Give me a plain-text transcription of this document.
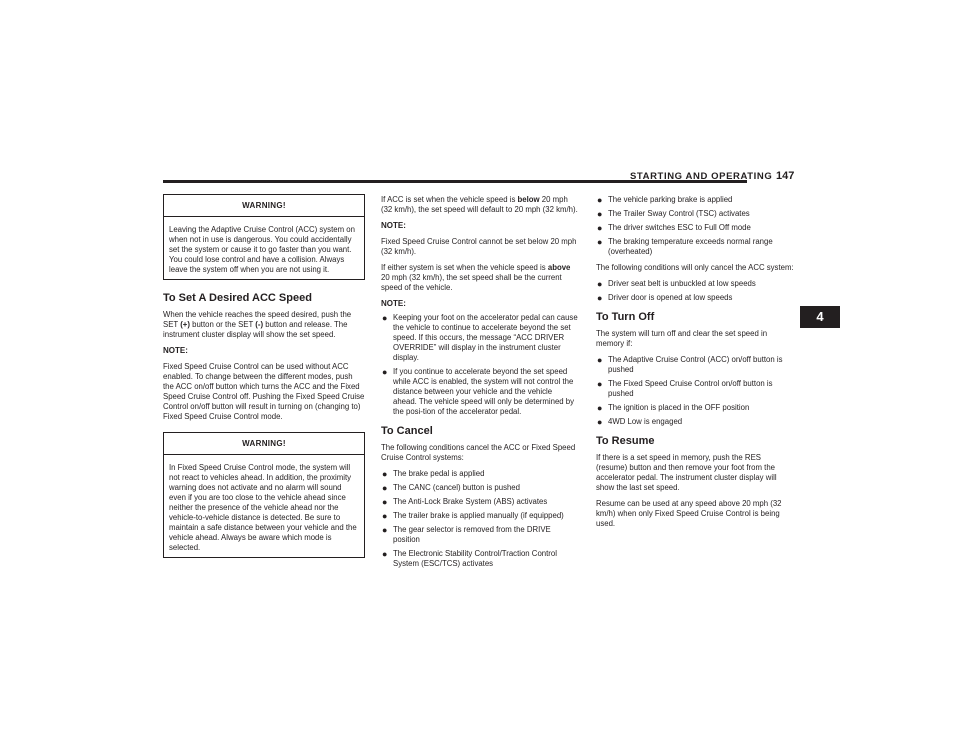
STARTING AND OPERATING 147
4
WARNING!

Leaving the Adaptive Cruise Control (ACC) system on when not in use is dangerous. You could accidentally set the system or cause it to go faster than you want. You could lose control and have a collision. Always leave the system off when you are not using it.

To Set A Desired ACC Speed

When the vehicle reaches the speed desired, push the SET (+) button or the SET (-) button and release. The instrument cluster display will show the set speed.

NOTE:

Fixed Speed Cruise Control can be used without ACC enabled. To change between the different modes, push the ACC on/off button which turns the ACC and the Fixed Speed Cruise Control off. Pushing the Fixed Speed Cruise Control on/off button will result in turning on (changing to) Fixed Speed Cruise Control mode.

WARNING!

In Fixed Speed Cruise Control mode, the system will not react to vehicles ahead. In addition, the proximity warning does not activate and no alarm will sound even if you are too close to the vehicle ahead since neither the presence of the vehicle ahead nor the vehicle-to-vehicle distance is detected. Be sure to maintain a safe distance between your vehicle and the vehicle ahead. Always be aware which mode is selected.

If ACC is set when the vehicle speed is below 20 mph (32 km/h), the set speed will default to 20 mph (32 km/h).

NOTE:

Fixed Speed Cruise Control cannot be set below 20 mph (32 km/h).

If either system is set when the vehicle speed is above 20 mph (32 km/h), the set speed shall be the current speed of the vehicle.

NOTE:

● Keeping your foot on the accelerator pedal can cause the vehicle to continue to accelerate beyond the set speed. If this occurs, the message “ACC DRIVER OVERRIDE” will display in the instrument cluster display.
● If you continue to accelerate beyond the set speed while ACC is enabled, the system will not control the distance between your vehicle and the vehicle ahead. The vehicle speed will only be determined by the posi-tion of the accelerator pedal.
To Cancel

The following conditions cancel the ACC or Fixed Speed Cruise Control systems:

● The brake pedal is applied
● The CANC (cancel) button is pushed
● The Anti-Lock Brake System (ABS) activates
● The trailer brake is applied manually (if equipped)
● The gear selector is removed from the DRIVE position
● The Electronic Stability Control/Traction Control System (ESC/TCS) activates
● The vehicle parking brake is applied
● The Trailer Sway Control (TSC) activates
● The driver switches ESC to Full Off mode
● The braking temperature exceeds normal range (overheated)

The following conditions will only cancel the ACC system:

● Driver seat belt is unbuckled at low speeds
● Driver door is opened at low speeds
To Turn Off

The system will turn off and clear the set speed in memory if:

● The Adaptive Cruise Control (ACC) on/off button is pushed
● The Fixed Speed Cruise Control on/off button is pushed
● The ignition is placed in the OFF position
● 4WD Low is engaged
To Resume

If there is a set speed in memory, push the RES (resume) button and then remove your foot from the accelerator pedal. The instrument cluster display will show the last set speed.

Resume can be used at any speed above 20 mph (32 km/h) when only Fixed Speed Cruise Control is being used.
